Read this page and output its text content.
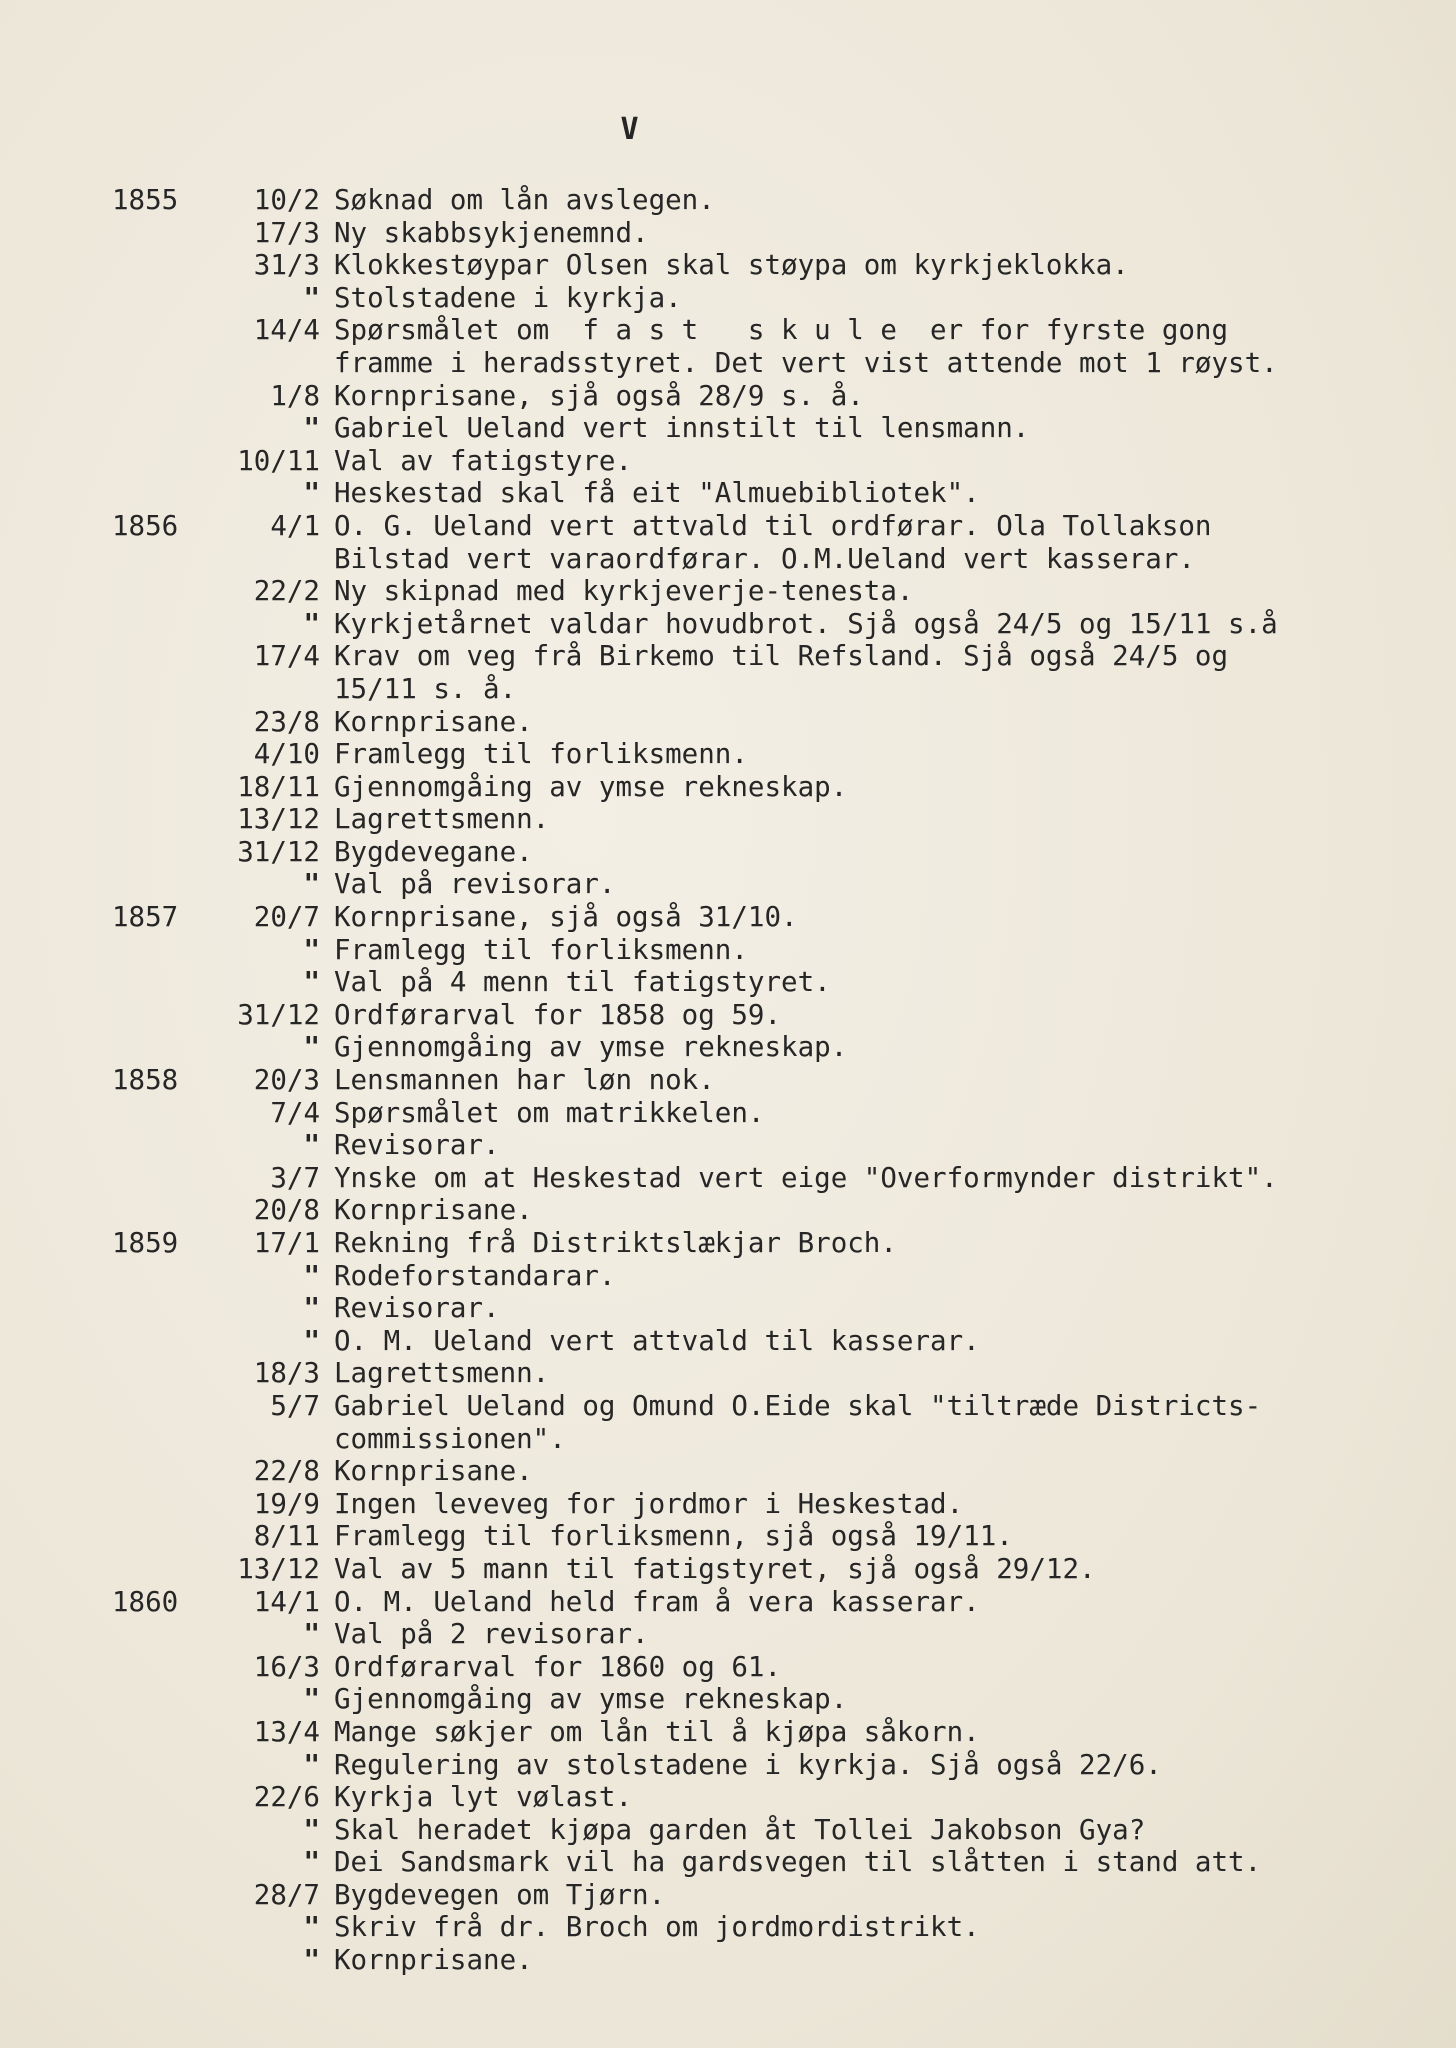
V
1855	10/2 Søknad om lån avslegen.
17/3 Ny skabbsykjenemnd.
31/3 Klokkestøypar Olsen skal støypa om kyrkjeklokka.
" Stolstadene i kyrkja.
14/4 Spørsmålet om  f a s t   s k u l e  er for fyrste gong
framme i heradsstyret. Det vert vist attende mot 1 røyst.
1/8 Kornprisane, sjå også 28/9 s. å.
" Gabriel Ueland vert innstilt til lensmann.
10/11 Val av fatigstyre.
" Heskestad skal få eit "Almuebibliotek".
1856	4/1 O. G. Ueland vert attvald til ordførar. Ola Tollakson
Bilstad vert varaordførar. O.M.Ueland vert kasserar.
22/2 Ny skipnad med kyrkjeverje-tenesta.
" Kyrkjetårnet valdar hovudbrot. Sjå også 24/5 og 15/11 s.å
17/4 Krav om veg frå Birkemo til Refsland. Sjå også 24/5 og
15/11 s. å.
23/8 Kornprisane.
4/10 Framlegg til forliksmenn.
18/11 Gjennomgåing av ymse rekneskap.
13/12 Lagrettsmenn.
31/12 Bygdevegane.
" Val på revisorar.
1857	20/7 Kornprisane, sjå også 31/10.
" Framlegg til forliksmenn.
" Val på 4 menn til fatigstyret.
31/12 Ordførarval for 1858 og 59.
" Gjennomgåing av ymse rekneskap.
1858	20/3 Lensmannen har løn nok.
7/4 Spørsmålet om matrikkelen.
" Revisorar.
3/7 Ynske om at Heskestad vert eige "Overformynder distrikt".
20/8 Kornprisane.
1859	17/1 Rekning frå Distriktslækjar Broch.
" Rodeforstandarar.
" Revisorar.
" O. M. Ueland vert attvald til kasserar.
18/3 Lagrettsmenn.
5/7 Gabriel Ueland og Omund O.Eide skal "tiltræde Districts-
commissionen".
22/8 Kornprisane.
19/9 Ingen leveveg for jordmor i Heskestad.
8/11 Framlegg til forliksmenn, sjå også 19/11.
13/12 Val av 5 mann til fatigstyret, sjå også 29/12.
1860	14/1 O. M. Ueland held fram å vera kasserar.
" Val på 2 revisorar.
16/3 Ordførarval for 1860 og 61.
" Gjennomgåing av ymse rekneskap.
13/4 Mange søkjer om lån til å kjøpa såkorn.
" Regulering av stolstadene i kyrkja. Sjå også 22/6.
22/6 Kyrkja lyt vølast.
" Skal heradet kjøpa garden åt Tollei Jakobson Gya?
" Dei Sandsmark vil ha gardsvegen til slåtten i stand att.
28/7 Bygdevegen om Tjørn.
" Skriv frå dr. Broch om jordmordistrikt.
" Kornprisane.
